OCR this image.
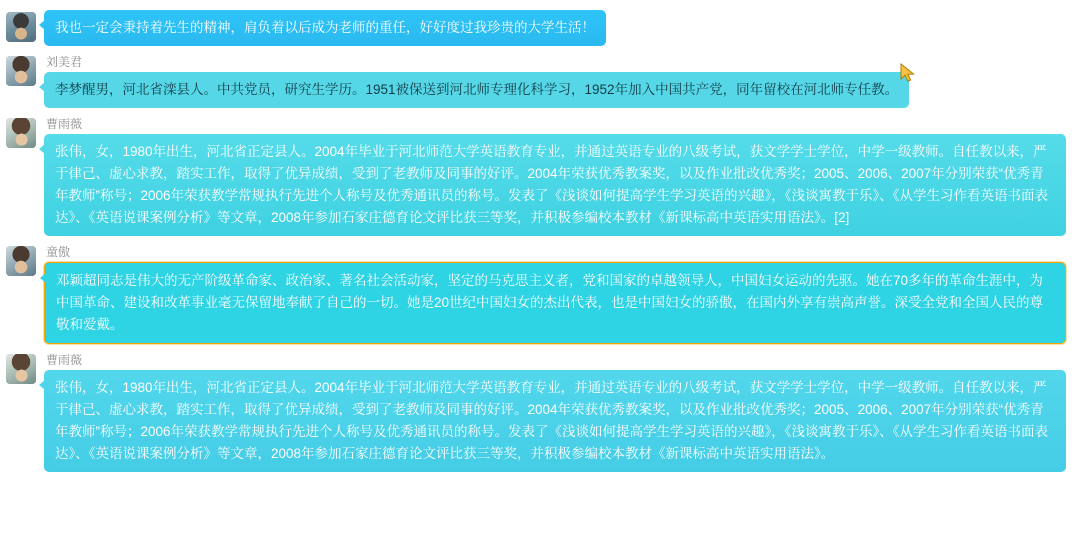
我也一定会秉持着先生的精神，肩负着以后成为老师的重任，好好度过我珍贵的大学生活！
刘美君
李梦醒男，河北省滦县人。中共党员，研究生学历。1951被保送到河北师专理化科学习，1952年加入中国共产党，同年留校在河北师专任教。
曹雨薇
张伟，女，1980年出生，河北省正定县人。2004年毕业于河北师范大学英语教育专业，并通过英语专业的八级考试，获文学学士学位，中学一级教师。自任教以来，严于律己、虚心求教，踏实工作，取得了优异成绩，受到了老教师及同事的好评。2004年荣获优秀教案奖，以及作业批改优秀奖；2005、2006、2007年分别荣获“优秀青年教师”称号；2006年荣获教学常规执行先进个人称号及优秀通讯员的称号。发表了《浅谈如何提高学生学习英语的兴趣》，《浅谈寓教于乐》、《从学生习作看英语书面表达》、《英语说课案例分析》等文章，2008年参加石家庄德育论文评比获三等奖，并积极参编校本教材《新课标高中英语实用语法》。[2]
童傲
邓颖超同志是伟大的无产阶级革命家、政治家、著名社会活动家，坚定的马克思主义者，党和国家的卓越领导人，中国妇女运动的先驱。她在70多年的革命生涯中，为中国革命、建设和改革事业毫无保留地奉献了自己的一切。她是20世纪中国妇女的杰出代表，也是中国妇女的骄傲，在国内外享有崇高声誉。深受全党和全国人民的尊敬和爱戴。
曹雨薇
张伟，女，1980年出生，河北省正定县人。2004年毕业于河北师范大学英语教育专业，并通过英语专业的八级考试，获文学学士学位，中学一级教师。自任教以来，严于律己、虚心求教，踏实工作，取得了优异成绩，受到了老教师及同事的好评。2004年荣获优秀教案奖，以及作业批改优秀奖；2005、2006、2007年分别荣获“优秀青年教师”称号；2006年荣获教学常规执行先进个人称号及优秀通讯员的称号。发表了《浅谈如何提高学生学习英语的兴趣》，《浅谈寓教于乐》、《从学生习作看英语书面表达》、《英语说课案例分析》等文章，2008年参加石家庄德育论文评比获三等奖，并积极参编校本教材《新课标高中英语实用语法》。
